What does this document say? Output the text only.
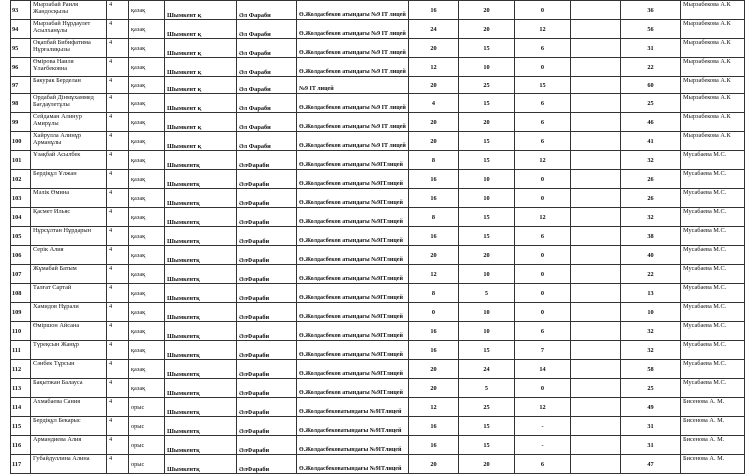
93	Мырзабай Раиля Жандосқызы	4	қазақ	Шымкент қ	Әл Фараби	Ө.Жолдасбеков атындағы №9 IT лицей	16	20	0		36	Мырзабекова А.К
94	Мырзабай Нұрдаулет Асылханұлы	4	қазақ	Шымкент қ	Әл Фараби	Ө.Жолдасбеков атындағы №9 IT лицей	24	20	12		56	Мырзабекова А.К
95	Оқапбай Бибифатима Нұрғалиқызы	4	қазақ	Шымкент қ	Әл Фараби	Ө.Жолдасбеков атындағы №9 IT лицей	20	15	6		31	Мырзабекова А.К
96	Өмірова Наиля Ұлағбековна	4	қазақ	Шымкент қ	Әл Фараби	Ө.Жолдасбеков атындағы №9 IT лицей	12	10	0		22	Мырзабекова А.К
97	Бакурак Берделан	4	қазақ	Шымкент қ	Әл Фараби	№9 IT лицей	20	25	15		60	Мырзабекова А.К
98	Ордабай Дінмұхаммед Бағдаулетұлы	4	қазақ	Шымкент қ	Әл Фараби	Ө.Жолдасбеков атындағы №9 IT лицей	4	15	6		25	Мырзабекова А.К
99	Сейдаман Алинур Амирұлы	4	қазақ	Шымкент қ	Әл Фараби	Ө.Жолдасбеков атындағы №9 IT лицей	20	20	6		46	Мырзабекова А.К
100	Хайрулла Алинұр Арманұлы	4	қазақ	Шымкент қ	Әл Фараби	Ө.Жолдасбеков атындағы №9 IT лицей	20	15	6		41	Мырзабекова А.К
101	Ұзақбай Асылбек	4	қазақ	Шымкентқ	ӘлФараби	Ө.Жолдасбеков атындағы №9ITлицей	8	15	12		32	Мусабаева М.С.
102	Бердіқұл Ұлжан	4	қазақ	Шымкентқ	ӘлФараби	Ө.Жолдасбеков атындағы №9ITлицей	16	10	0		26	Мусабаева М.С.
103	Мәлік Өмина	4	қазақ	Шымкентқ	ӘлФараби	Ө.Жолдасбеков атындағы №9ITлицей	16	10	0		26	Мусабаева М.С.
104	Қасмет Ильяс	4	қазақ	Шымкентқ	ӘлФараби	Ө.Жолдасбеков атындағы №9ITлицей	8	15	12		32	Мусабаева М.С.
105	Нұрсұлтан Нұрдарын	4	қазақ	Шымкентқ	ӘлФараби	Ө.Жолдасбеков атындағы №9ITлицей	16	15	6		38	Мусабаева М.С.
106	Серік Алия	4	қазақ	Шымкентқ	ӘлФараби	Ө.Жолдасбеков атындағы №9ITлицей	20	20	0		40	Мусабаева М.С.
107	Жұмабай Батым	4	қазақ	Шымкентқ	ӘлФараби	Ө.Жолдасбеков атындағы №9ITлицей	12	10	0		22	Мусабаева М.С.
108	Талғат Сартай	4	қазақ	Шымкентқ	ӘлФараби	Ө.Жолдасбеков атындағы №9ITлицей	8	5	0		13	Мусабаева М.С.
109	Хамидов Нұрали	4	қазақ	Шымкентқ	ӘлФараби	Ө.Жолдасбеков атындағы №9ITлицей	0	10	0		10	Мусабаева М.С.
110	Өміршон Айсана	4	қазақ	Шымкентқ	ӘлФараби	Ө.Жолдасбеков атындағы №9ITлицей	16	10	6		32	Мусабаева М.С.
111	Түреқсын Жанұр	4	қазақ	Шымкентқ	ӘлФараби	Ө.Жолдасбеков атындағы №9ITлицей	16	15	7		32	Мусабаева М.С.
112	Сәнбек Тұрсын	4	қазақ	Шымкентқ	ӘлФараби	Ө.Жолдасбеков атындағы №9ITлицей	20	24	14		58	Мусабаева М.С.
113	Бақытжан Балауса	4	қазақ	Шымкентқ	ӘлФараби	Ө.Жолдасбеков атындағы №9ITлицей	20	5	0		25	Мусабаева М.С.
114	Ахмабаева Сания	4	орыс	Шымкентқ	ӘлФараби	Ө.Жолдасбековатындағы №9ITлицей	12	25	12		49	Бисенова А. М.
115	Бердіқұл Бекарыс	4	орыс	Шымкентқ	ӘлФараби	Ө.Жолдасбековатындағы №9ITлицей	16	15	-		31	Бисенова А. М.
116	Армандиева Алия	4	орыс	Шымкентқ	ӘлФараби	Ө.Жолдасбековатындағы №9ITлицей	16	15	-		31	Бисенова А. М.
117	Губайдуллина Алина	4	орыс	Шымкентқ	ӘлФараби	Ө.Жолдасбековатындағы №9ITлицей	20	20	6		47	Бисенова А. М.
